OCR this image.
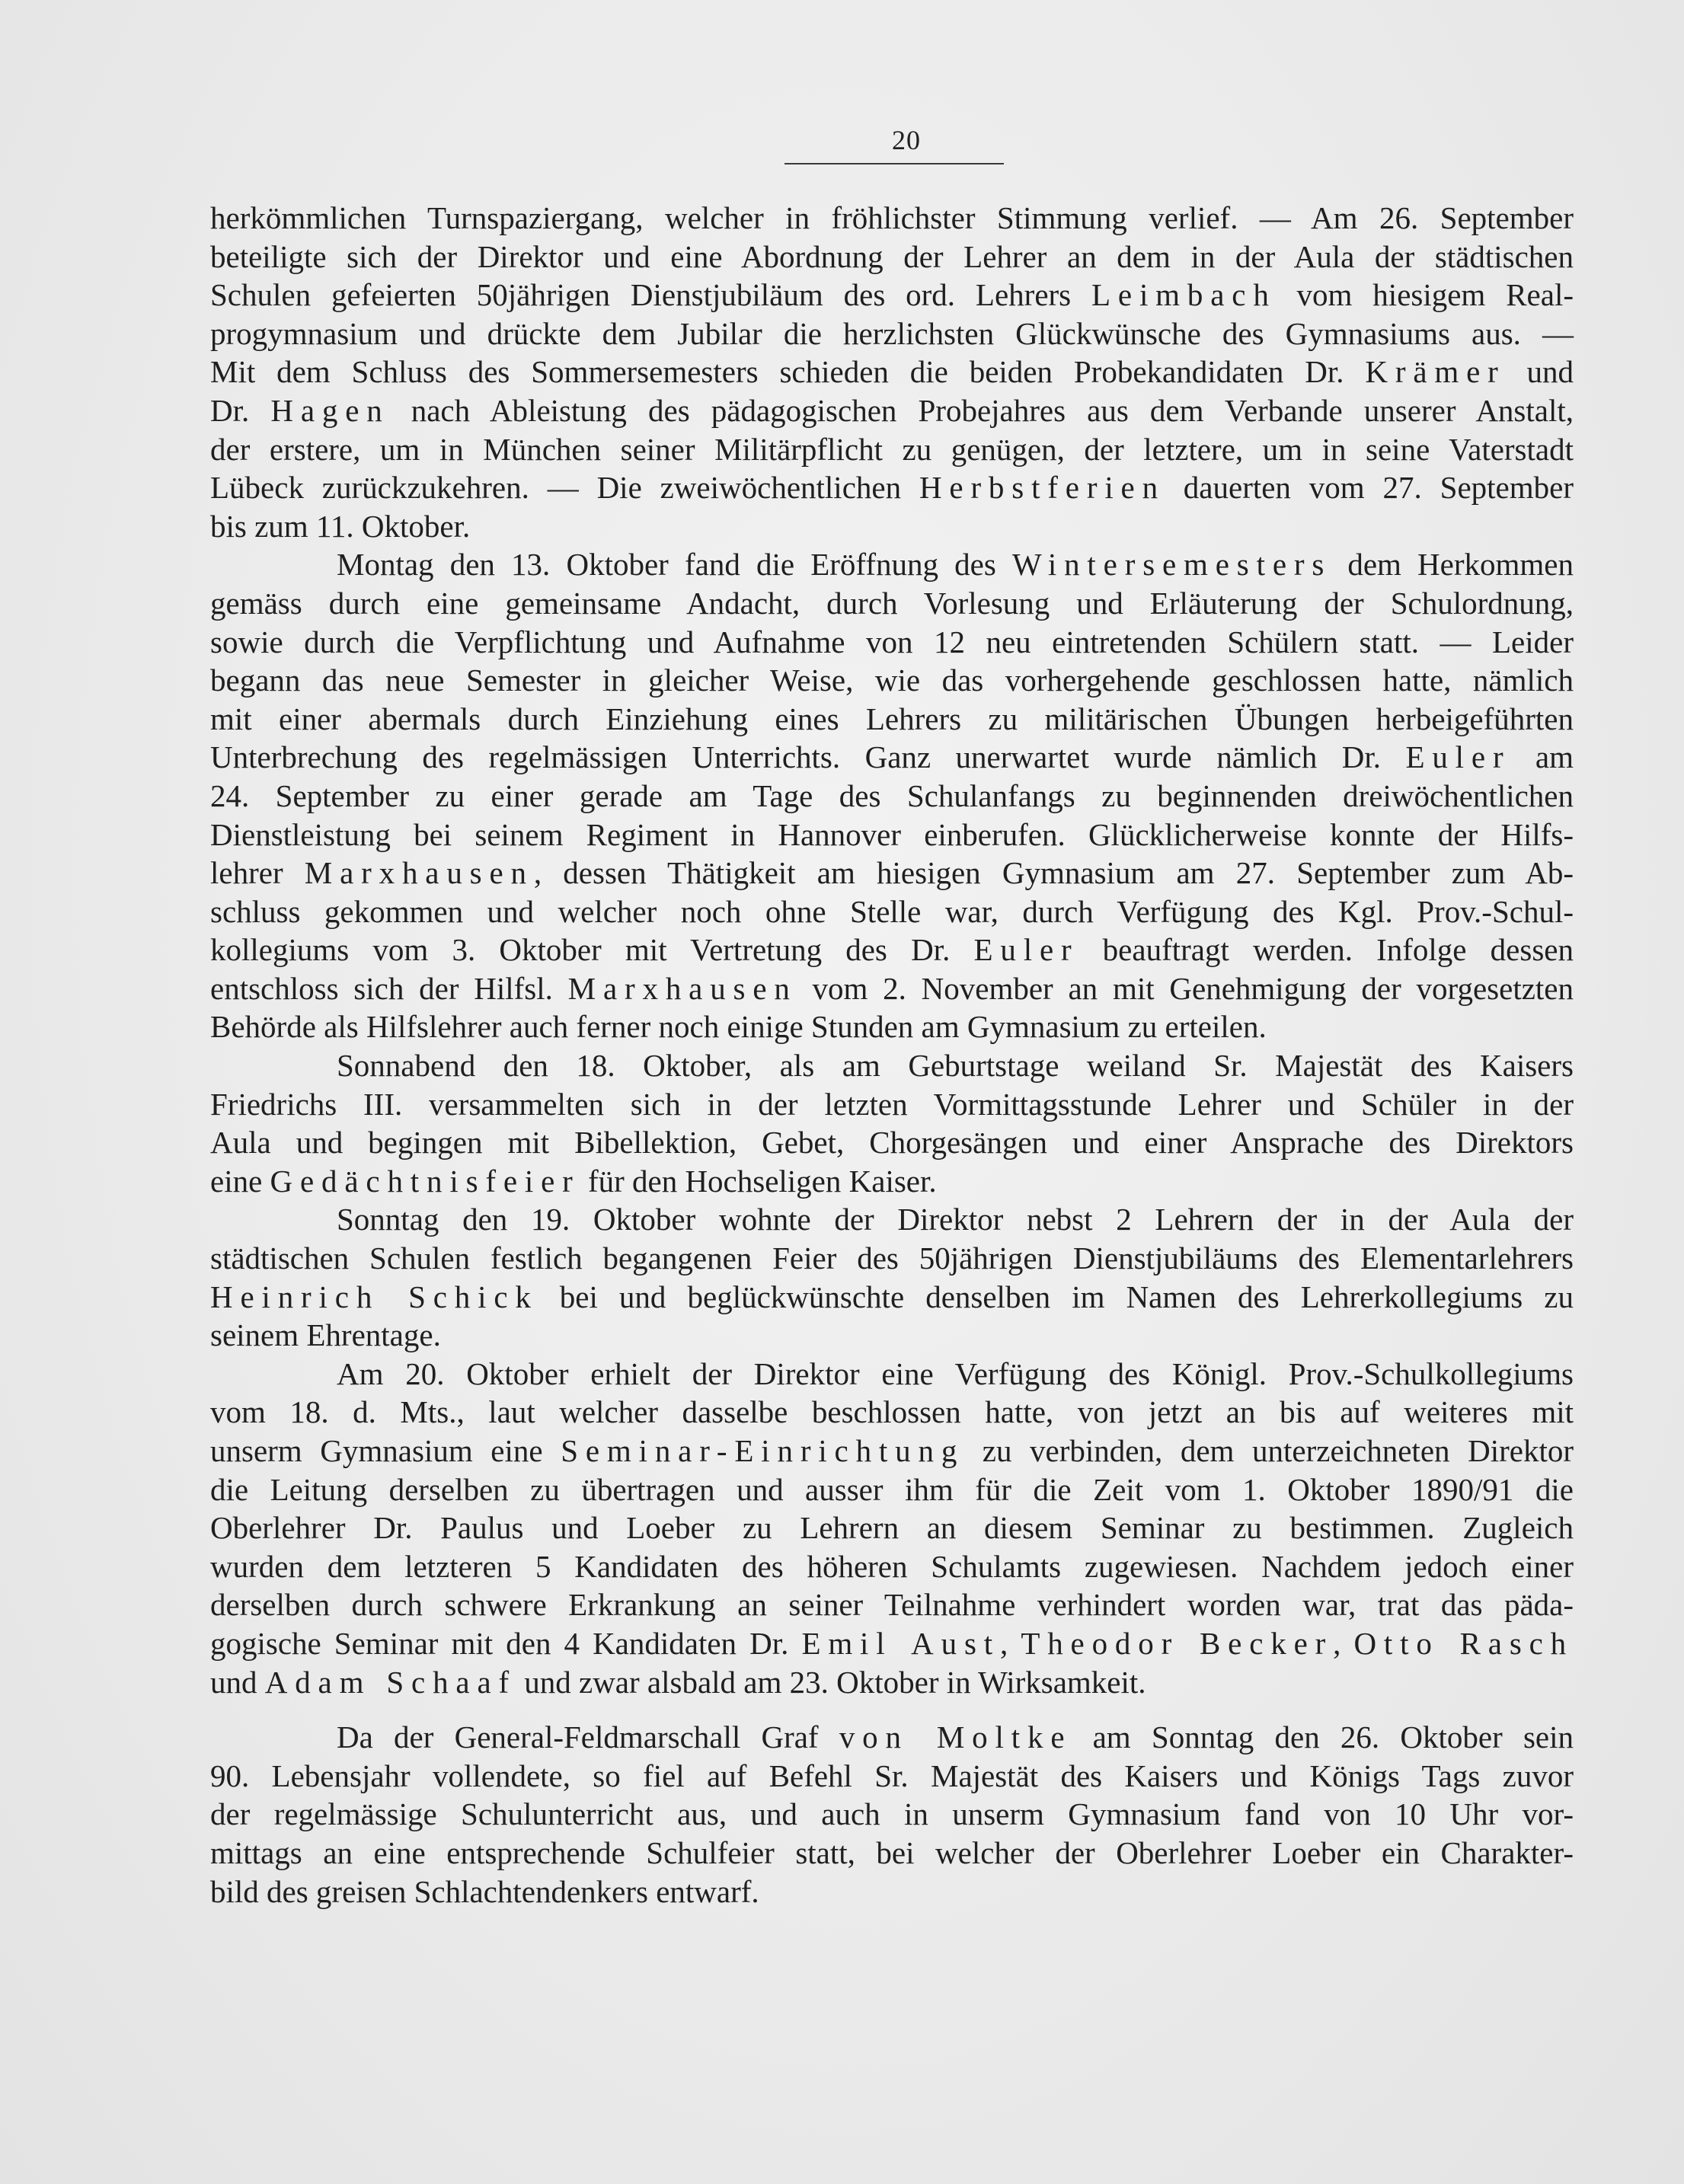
20

herkömmlichen Turnspaziergang, welcher in fröhlichster Stimmung verlief. — Am 26. September
beteiligte sich der Direktor und eine Abordnung der Lehrer an dem in der Aula der städtischen
Schulen gefeierten 50jährigen Dienstjubiläum des ord. Lehrers Leimbach vom hiesigem Real-
progymnasium und drückte dem Jubilar die herzlichsten Glückwünsche des Gymnasiums aus. —
Mit dem Schluss des Sommersemesters schieden die beiden Probekandidaten Dr. Krämer und
Dr. Hagen nach Ableistung des pädagogischen Probejahres aus dem Verbande unserer Anstalt,
der erstere, um in München seiner Militärpflicht zu genügen, der letztere, um in seine Vaterstadt
Lübeck zurückzukehren. — Die zweiwöchentlichen Herbstferien dauerten vom 27. September
bis zum 11. Oktober.

Montag den 13. Oktober fand die Eröffnung des Wintersemesters dem Herkommen
gemäss durch eine gemeinsame Andacht, durch Vorlesung und Erläuterung der Schulordnung,
sowie durch die Verpflichtung und Aufnahme von 12 neu eintretenden Schülern statt. — Leider
begann das neue Semester in gleicher Weise, wie das vorhergehende geschlossen hatte, nämlich
mit einer abermals durch Einziehung eines Lehrers zu militärischen Übungen herbeigeführten
Unterbrechung des regelmässigen Unterrichts. Ganz unerwartet wurde nämlich Dr. Euler am
24. September zu einer gerade am Tage des Schulanfangs zu beginnenden dreiwöchentlichen
Dienstleistung bei seinem Regiment in Hannover einberufen. Glücklicherweise konnte der Hilfs-
lehrer Marxhausen, dessen Thätigkeit am hiesigen Gymnasium am 27. September zum Ab-
schluss gekommen und welcher noch ohne Stelle war, durch Verfügung des Kgl. Prov.-Schul-
kollegiums vom 3. Oktober mit Vertretung des Dr. Euler beauftragt werden. Infolge dessen
entschloss sich der Hilfsl. Marxhausen vom 2. November an mit Genehmigung der vorgesetzten
Behörde als Hilfslehrer auch ferner noch einige Stunden am Gymnasium zu erteilen.

Sonnabend den 18. Oktober, als am Geburtstage weiland Sr. Majestät des Kaisers
Friedrichs III. versammelten sich in der letzten Vormittagsstunde Lehrer und Schüler in der
Aula und begingen mit Bibellektion, Gebet, Chorgesängen und einer Ansprache des Direktors
eine Gedächtnisfeier für den Hochseligen Kaiser.

Sonntag den 19. Oktober wohnte der Direktor nebst 2 Lehrern der in der Aula der
städtischen Schulen festlich begangenen Feier des 50jährigen Dienstjubiläums des Elementarlehrers
Heinrich Schick bei und beglückwünschte denselben im Namen des Lehrerkollegiums zu
seinem Ehrentage.

Am 20. Oktober erhielt der Direktor eine Verfügung des Königl. Prov.-Schulkollegiums
vom 18. d. Mts., laut welcher dasselbe beschlossen hatte, von jetzt an bis auf weiteres mit
unserm Gymnasium eine Seminar-Einrichtung zu verbinden, dem unterzeichneten Direktor
die Leitung derselben zu übertragen und ausser ihm für die Zeit vom 1. Oktober 1890/91 die
Oberlehrer Dr. Paulus und Loeber zu Lehrern an diesem Seminar zu bestimmen. Zugleich
wurden dem letzteren 5 Kandidaten des höheren Schulamts zugewiesen. Nachdem jedoch einer
derselben durch schwere Erkrankung an seiner Teilnahme verhindert worden war, trat das päda-
gogische Seminar mit den 4 Kandidaten Dr. Emil Aust, Theodor Becker, Otto Rasch
und Adam Schaaf und zwar alsbald am 23. Oktober in Wirksamkeit.

Da der General-Feldmarschall Graf von Moltke am Sonntag den 26. Oktober sein
90. Lebensjahr vollendete, so fiel auf Befehl Sr. Majestät des Kaisers und Königs Tags zuvor
der regelmässige Schulunterricht aus, und auch in unserm Gymnasium fand von 10 Uhr vor-
mittags an eine entsprechende Schulfeier statt, bei welcher der Oberlehrer Loeber ein Charakter-
bild des greisen Schlachtendenkers entwarf.
